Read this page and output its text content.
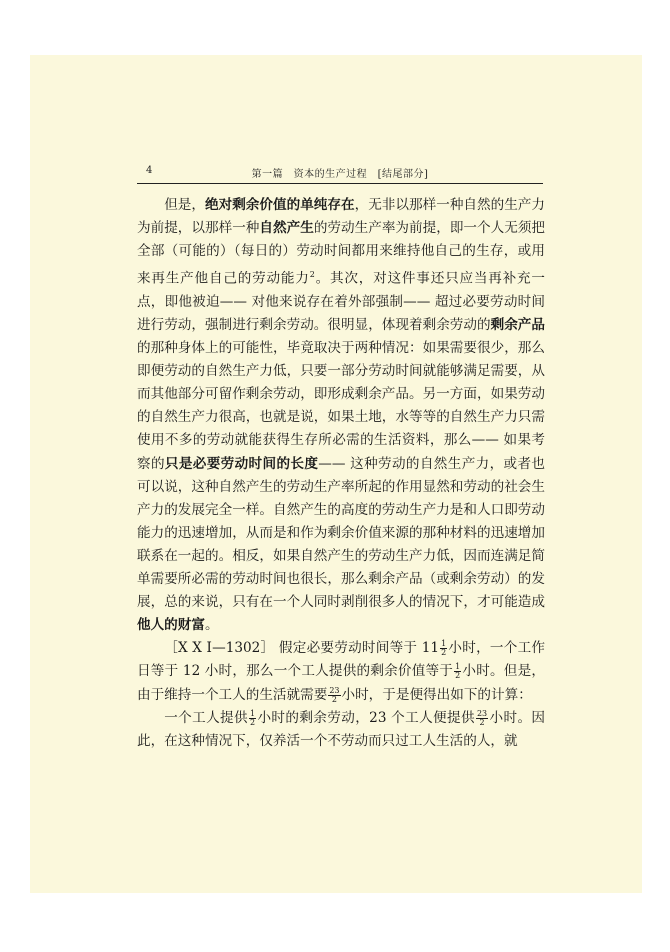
4	第一篇　资本的生产过程　[结尾部分]

但是，绝对剩余价值的单纯存在，无非以那样一种自然的生产力为前提，以那样一种自然产生的劳动生产率为前提，即一个人无须把全部（可能的）（每日的）劳动时间都用来维持他自己的生存，或用来再生产他自己的劳动能力$^2$。其次，对这件事还只应当再补充一点，即他被迫—— 对他来说存在着外部强制—— 超过必要劳动时间进行劳动，强制进行剩余劳动。很明显，体现着剩余劳动的剩余产品的那种身体上的可能性，毕竟取决于两种情况：如果需要很少，那么即便劳动的自然生产力低，只要一部分劳动时间就能够满足需要，从而其他部分可留作剩余劳动，即形成剩余产品。另一方面，如果劳动的自然生产力很高，也就是说，如果土地，水等等的自然生产力只需使用不多的劳动就能获得生存所必需的生活资料，那么—— 如果考察的只是必要劳动时间的长度—— 这种劳动的自然生产力，或者也可以说，这种自然产生的劳动生产率所起的作用显然和劳动的社会生产力的发展完全一样。自然产生的高度的劳动生产力是和人口即劳动能力的迅速增加，从而是和作为剩余价值来源的那种材料的迅速增加联系在一起的。相反，如果自然产生的劳动生产力低，因而连满足简单需要所必需的劳动时间也很长，那么剩余产品（或剩余劳动）的发展，总的来说，只有在一个人同时剥削很多人的情况下，才可能造成他人的财富。

［X X Ⅰ—1302］ 假定必要劳动时间等于 $11 \frac{1}{2}$ 小时，一个工作日等于 12 小时，那么一个工人提供的剩余价值等于 $\frac{1}{2}$ 小时。但是，由于维持一个工人的生活就需要 $\frac{23}{2}$ 小时，于是便得出如下的计算：

一个工人提供 $\frac{1}{2}$ 小时的剩余劳动，23 个工人便提供 $\frac{23}{2}$ 小时。因此，在这种情况下，仅养活一个不劳动而只过工人生活的人，就
